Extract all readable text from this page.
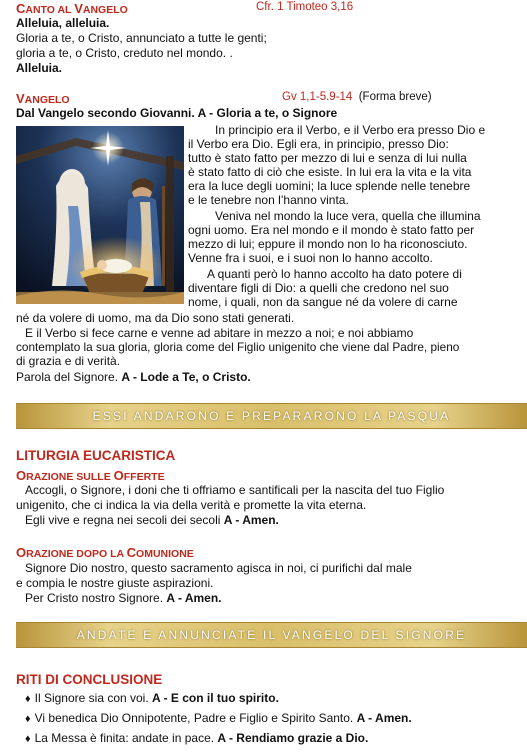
CANTO AL VANGELO	Cfr. 1 Timoteo 3,16
Alleluia, alleluia.
Gloria a te, o Cristo, annunciato a tutte le genti;
gloria a te, o Cristo, creduto nel mondo. .
Alleluia.
VANGELO	Gv 1,1-5.9-14 (Forma breve)
Dal Vangelo secondo Giovanni. A - Gloria a te, o Signore
In principio era il Verbo, e il Verbo era presso Dio e
il Verbo era Dio. Egli era, in principio, presso Dio:
tutto è stato fatto per mezzo di lui e senza di lui nulla
è stato fatto di ciò che esiste. In lui era la vita e la vita
era la luce degli uomini; la luce splende nelle tenebre
e le tenebre non l’hanno vinta.
Veniva nel mondo la luce vera, quella che illumina
ogni uomo. Era nel mondo e il mondo è stato fatto per
mezzo di lui; eppure il mondo non lo ha riconosciuto.
Venne fra i suoi, e i suoi non lo hanno accolto.
A quanti però lo hanno accolto ha dato potere di
diventare figli di Dio: a quelli che credono nel suo
nome, i quali, non da sangue né da volere di carne
né da volere di uomo, ma da Dio sono stati generati.
E il Verbo si fece carne e venne ad abitare in mezzo a noi; e noi abbiamo
contemplato la sua gloria, gloria come del Figlio unigenito che viene dal Padre, pieno
di grazia e di verità.
Parola del Signore. A - Lode a Te, o Cristo.
ESSI ANDARONO E PREPARARONO LA PASQUA
LITURGIA EUCARISTICA
ORAZIONE SULLE OFFERTE
Accogli, o Signore, i doni che ti offriamo e santificali per la nascita del tuo Figlio
unigenito, che ci indica la via della verità e promette la vita eterna.
Egli vive e regna nei secoli dei secoli A - Amen.
ORAZIONE DOPO LA COMUNIONE
Signore Dio nostro, questo sacramento agisca in noi, ci purifichi dal male
e compia le nostre giuste aspirazioni.
Per Cristo nostro Signore. A - Amen.
ANDATE E ANNUNCIATE IL VANGELO DEL SIGNORE
RITI DI CONCLUSIONE
♦ Il Signore sia con voi. A - E con il tuo spirito.
♦ Vi benedica Dio Onnipotente, Padre e Figlio e Spirito Santo. A - Amen.
♦ La Messa è finita: andate in pace. A - Rendiamo grazie a Dio.
